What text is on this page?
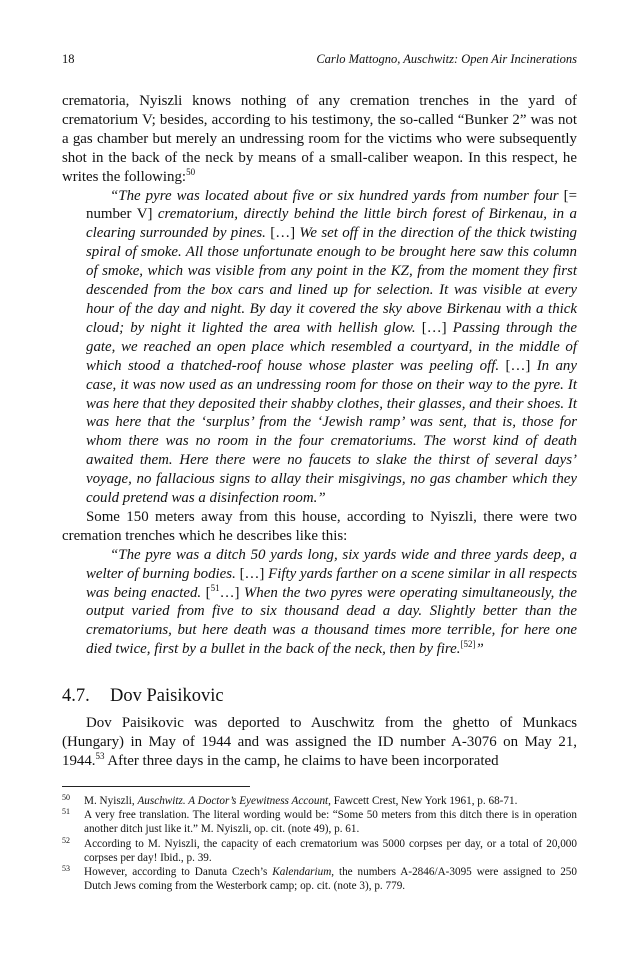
18	Carlo Mattogno, Auschwitz: Open Air Incinerations

crematoria, Nyiszli knows nothing of any cremation trenches in the yard of crematorium V; besides, according to his testimony, the so-called “Bunker 2” was not a gas chamber but merely an undressing room for the victims who were subsequently shot in the back of the neck by means of a small-caliber weapon. In this respect, he writes the following:$^{50}$

“The pyre was located about five or six hundred yards from number four [= number V] crematorium, directly behind the little birch forest of Birkenau, in a clearing surrounded by pines. […] We set off in the direction of the thick twisting spiral of smoke. All those unfortunate enough to be brought here saw this column of smoke, which was visible from any point in the KZ, from the moment they first descended from the box cars and lined up for selection. It was visible at every hour of the day and night. By day it covered the sky above Birkenau with a thick cloud; by night it lighted the area with hellish glow. […] Passing through the gate, we reached an open place which resembled a courtyard, in the middle of which stood a thatched-roof house whose plaster was peeling off. […] In any case, it was now used as an undressing room for those on their way to the pyre. It was here that they deposited their shabby clothes, their glasses, and their shoes. It was here that the ‘surplus’ from the ‘Jewish ramp’ was sent, that is, those for whom there was no room in the four crematoriums. The worst kind of death awaited them. Here there were no faucets to slake the thirst of several days’ voyage, no fallacious signs to allay their misgivings, no gas chamber which they could pretend was a disinfection room.”

Some 150 meters away from this house, according to Nyiszli, there were two cremation trenches which he describes like this:

“The pyre was a ditch 50 yards long, six yards wide and three yards deep, a welter of burning bodies. […] Fifty yards farther on a scene similar in all respects was being enacted. [$^{51}$…] When the two pyres were operating simultaneously, the output varied from five to six thousand dead a day. Slightly better than the crematoriums, but here death was a thousand times more terrible, for here one died twice, first by a bullet in the back of the neck, then by fire.[52]”

4.7. Dov Paisikovic

Dov Paisikovic was deported to Auschwitz from the ghetto of Munkacs (Hungary) in May of 1944 and was assigned the ID number A-3076 on May 21, 1944.53 After three days in the camp, he claims to have been incorporated

50 M. Nyiszli, Auschwitz. A Doctor’s Eyewitness Account, Fawcett Crest, New York 1961, p. 68-71.
51 A very free translation. The literal wording would be: “Some 50 meters from this ditch there is in operation another ditch just like it.” M. Nyiszli, op. cit. (note 49), p. 61.
52 According to M. Nyiszli, the capacity of each crematorium was 5000 corpses per day, or a total of 20,000 corpses per day! Ibid., p. 39.
53 However, according to Danuta Czech’s Kalendarium, the numbers A-2846/A-3095 were assigned to 250 Dutch Jews coming from the Westerbork camp; op. cit. (note 3), p. 779.
